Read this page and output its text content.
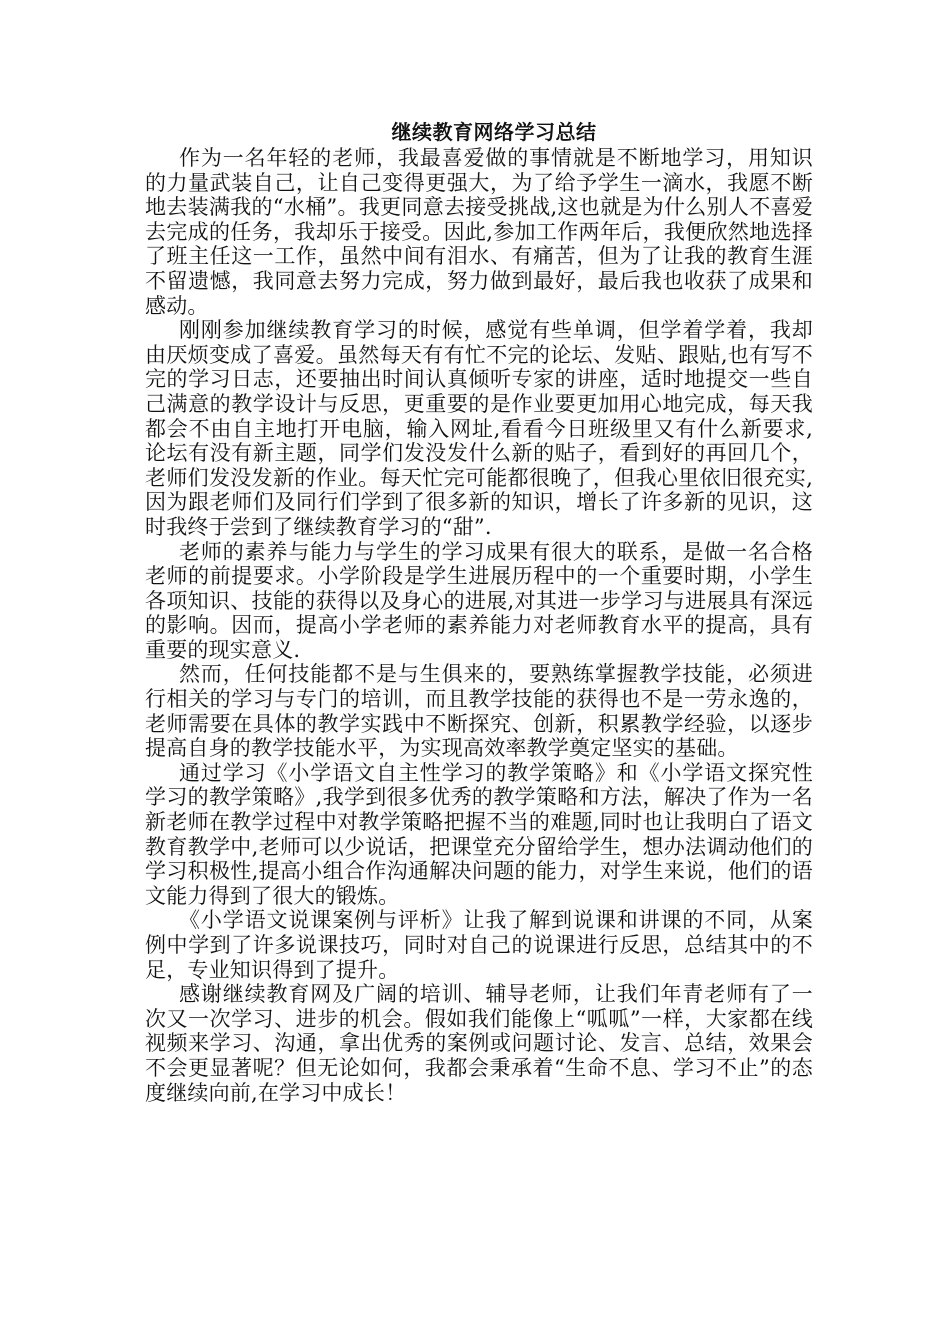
继续教育网络学习总结

作为一名年轻的老师，我最喜爱做的事情就是不断地学习，用知识的力量武装自己，让自己变得更强大，为了给予学生一滴水，我愿不断地去装满我的“水桶”。我更同意去接受挑战,这也就是为什么别人不喜爱去完成的任务，我却乐于接受。因此,参加工作两年后，我便欣然地选择了班主任这一工作，虽然中间有泪水、有痛苦，但为了让我的教育生涯不留遗憾，我同意去努力完成，努力做到最好，最后我也收获了成果和感动。

刚刚参加继续教育学习的时候，感觉有些单调，但学着学着，我却由厌烦变成了喜爱。虽然每天有有忙不完的论坛、发贴、跟贴,也有写不完的学习日志，还要抽出时间认真倾听专家的讲座，适时地提交一些自己满意的教学设计与反思，更重要的是作业要更加用心地完成，每天我都会不由自主地打开电脑，输入网址,看看今日班级里又有什么新要求,论坛有没有新主题，同学们发没发什么新的贴子，看到好的再回几个，老师们发没发新的作业。每天忙完可能都很晚了，但我心里依旧很充实,因为跟老师们及同行们学到了很多新的知识，增长了许多新的见识，这时我终于尝到了继续教育学习的“甜”.

老师的素养与能力与学生的学习成果有很大的联系，是做一名合格老师的前提要求。小学阶段是学生进展历程中的一个重要时期，小学生各项知识、技能的获得以及身心的进展,对其进一步学习与进展具有深远的影响。因而，提高小学老师的素养能力对老师教育水平的提高，具有重要的现实意义.

然而，任何技能都不是与生俱来的，要熟练掌握教学技能，必须进行相关的学习与专门的培训，而且教学技能的获得也不是一劳永逸的，老师需要在具体的教学实践中不断探究、创新，积累教学经验，以逐步提高自身的教学技能水平，为实现高效率教学奠定坚实的基础。

通过学习《小学语文自主性学习的教学策略》和《小学语文探究性学习的教学策略》,我学到很多优秀的教学策略和方法，解决了作为一名新老师在教学过程中对教学策略把握不当的难题,同时也让我明白了语文教育教学中,老师可以少说话，把课堂充分留给学生，想办法调动他们的学习积极性,提高小组合作沟通解决问题的能力，对学生来说，他们的语文能力得到了很大的锻炼。

《小学语文说课案例与评析》让我了解到说课和讲课的不同，从案例中学到了许多说课技巧，同时对自己的说课进行反思，总结其中的不足，专业知识得到了提升。

感谢继续教育网及广阔的培训、辅导老师，让我们年青老师有了一次又一次学习、进步的机会。假如我们能像上“呱呱”一样，大家都在线视频来学习、沟通，拿出优秀的案例或问题讨论、发言、总结，效果会不会更显著呢？但无论如何，我都会秉承着“生命不息、学习不止”的态度继续向前,在学习中成长！
